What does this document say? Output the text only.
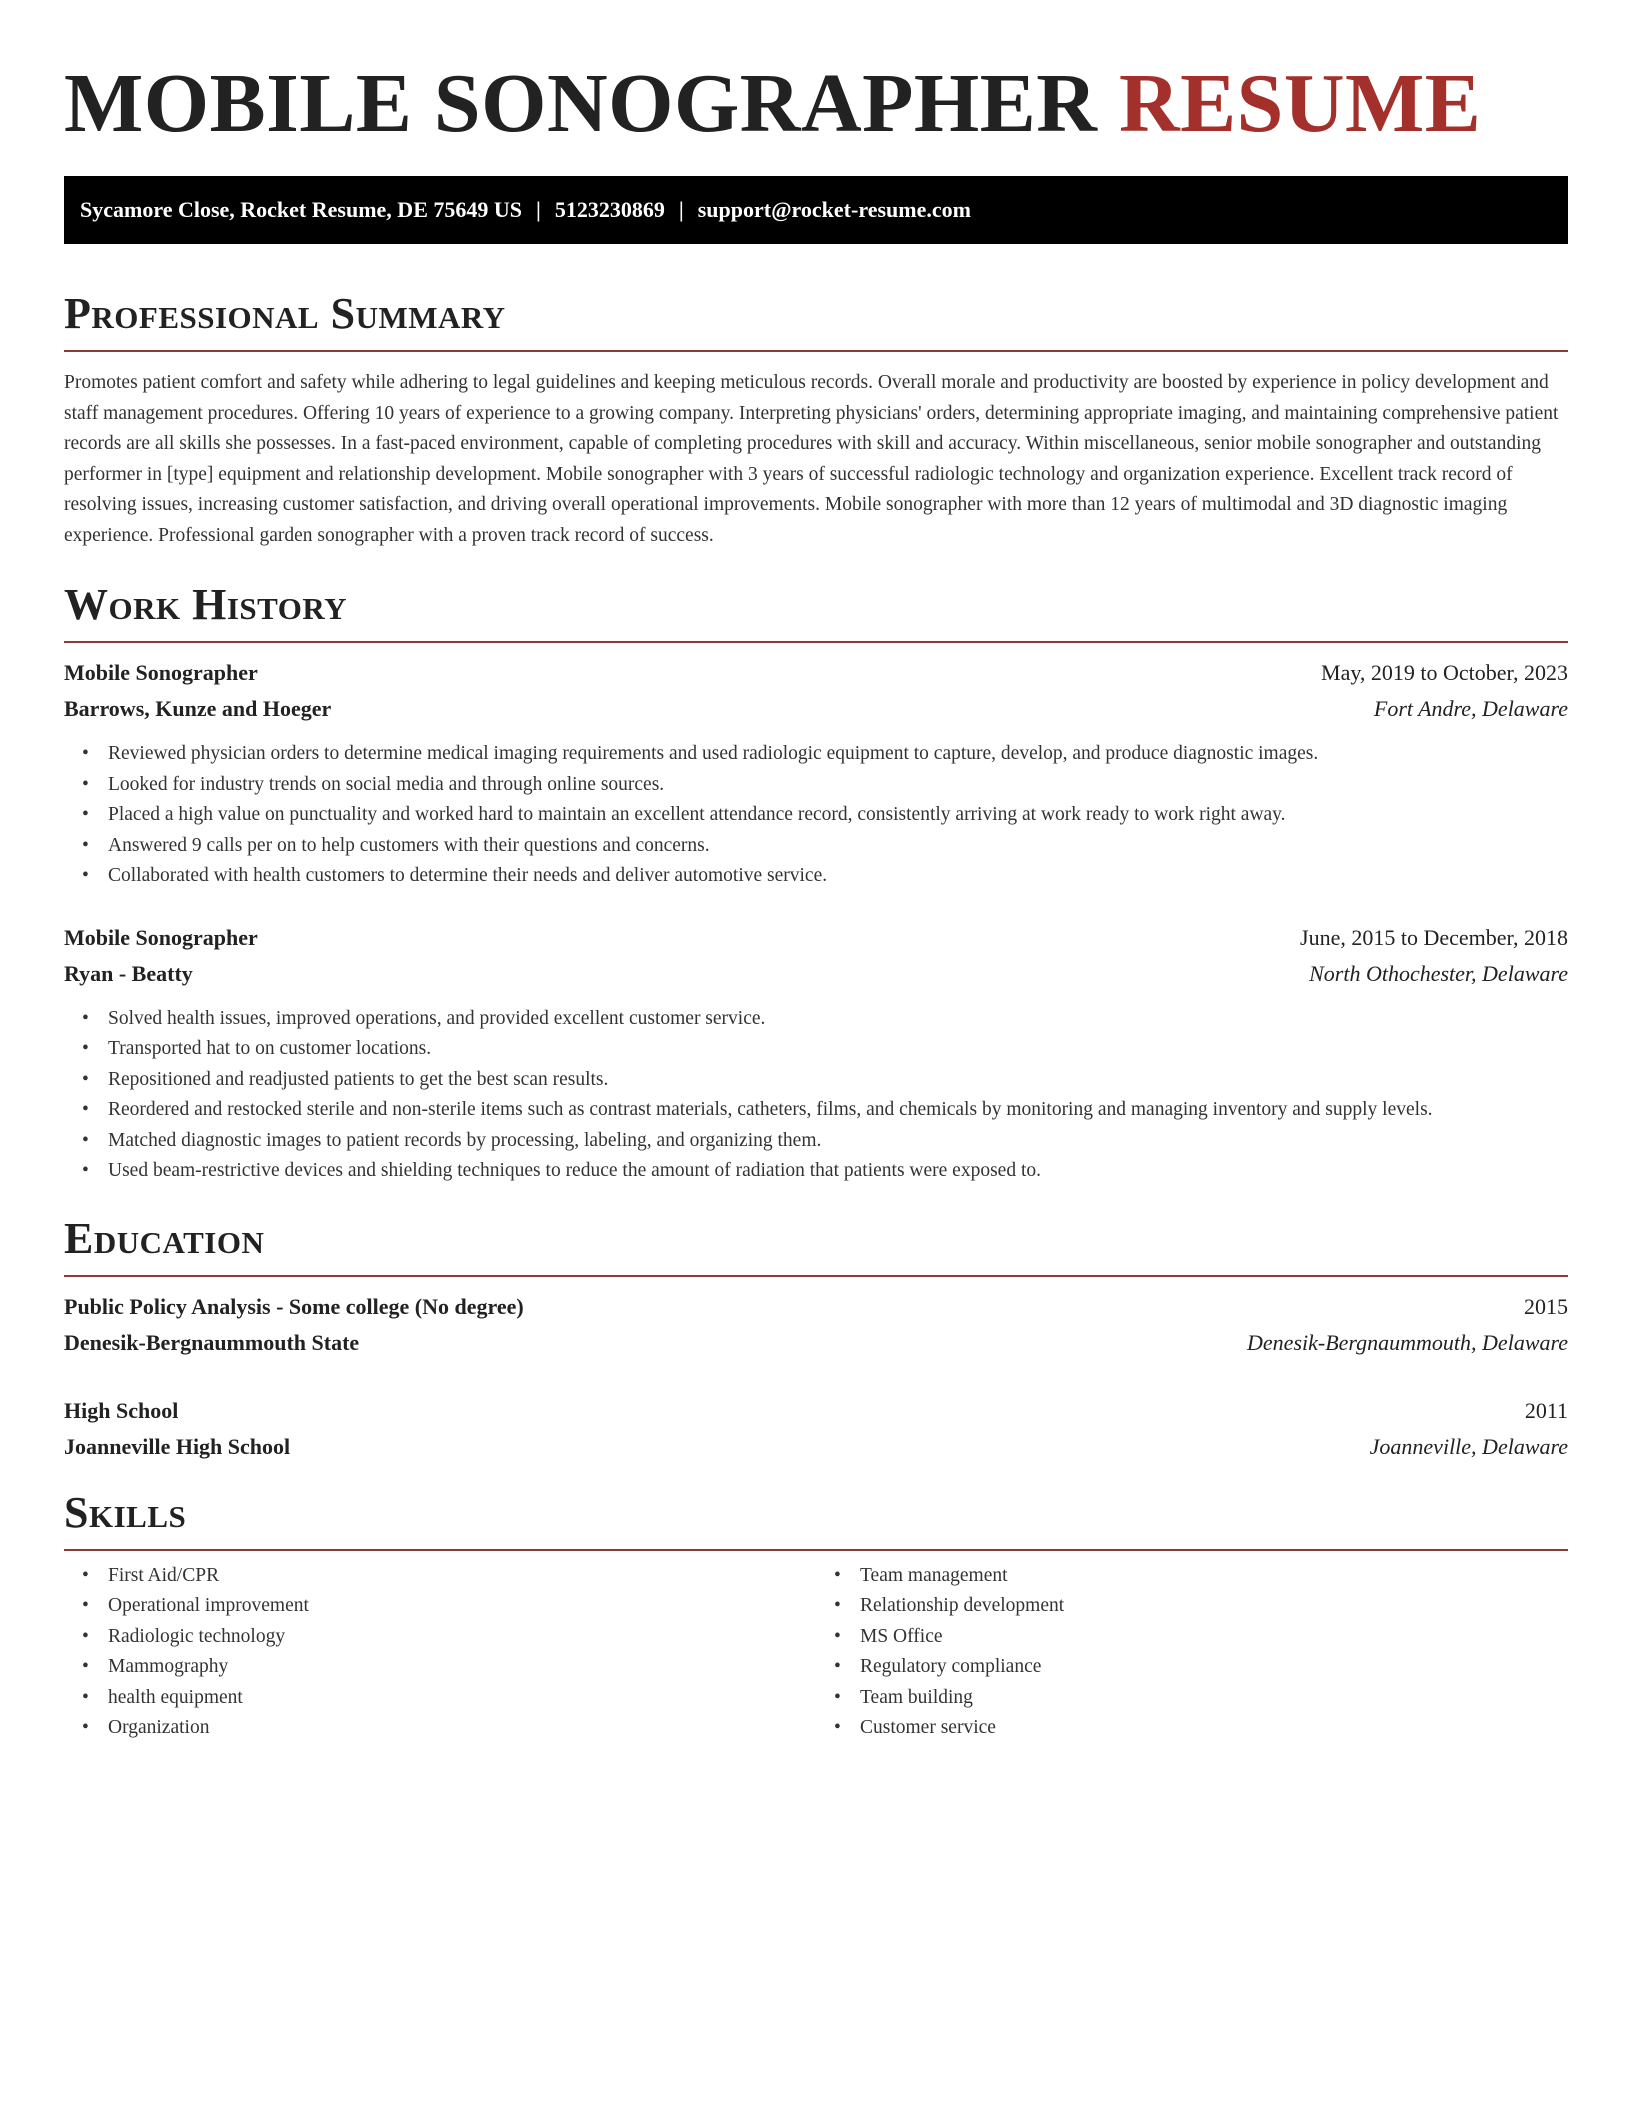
MOBILE SONOGRAPHER RESUME
Sycamore Close, Rocket Resume, DE 75649 US | 5123230869 | support@rocket-resume.com
Professional Summary

Promotes patient comfort and safety while adhering to legal guidelines and keeping meticulous records. Overall morale and productivity are boosted by experience in policy development and staff management procedures. Offering 10 years of experience to a growing company. Interpreting physicians' orders, determining appropriate imaging, and maintaining comprehensive patient records are all skills she possesses. In a fast-paced environment, capable of completing procedures with skill and accuracy. Within miscellaneous, senior mobile sonographer and outstanding performer in [type] equipment and relationship development. Mobile sonographer with 3 years of successful radiologic technology and organization experience. Excellent track record of resolving issues, increasing customer satisfaction, and driving overall operational improvements. Mobile sonographer with more than 12 years of multimodal and 3D diagnostic imaging experience. Professional garden sonographer with a proven track record of success.

Work History
Mobile Sonographer	May, 2019 to October, 2023
Barrows, Kunze and Hoeger	Fort Andre, Delaware
• Reviewed physician orders to determine medical imaging requirements and used radiologic equipment to capture, develop, and produce diagnostic images.
• Looked for industry trends on social media and through online sources.
• Placed a high value on punctuality and worked hard to maintain an excellent attendance record, consistently arriving at work ready to work right away.
• Answered 9 calls per on to help customers with their questions and concerns.
• Collaborated with health customers to determine their needs and deliver automotive service.
Mobile Sonographer	June, 2015 to December, 2018
Ryan - Beatty	North Othochester, Delaware
• Solved health issues, improved operations, and provided excellent customer service.
• Transported hat to on customer locations.
• Repositioned and readjusted patients to get the best scan results.
• Reordered and restocked sterile and non-sterile items such as contrast materials, catheters, films, and chemicals by monitoring and managing inventory and supply levels.
• Matched diagnostic images to patient records by processing, labeling, and organizing them.
• Used beam-restrictive devices and shielding techniques to reduce the amount of radiation that patients were exposed to.
Education
Public Policy Analysis - Some college (No degree)	2015
Denesik-Bergnaummouth State	Denesik-Bergnaummouth, Delaware
High School	2011
Joanneville High School	Joanneville, Delaware
Skills
• First Aid/CPR
• Operational improvement
• Radiologic technology
• Mammography
• health equipment
• Organization
• Team management
• Relationship development
• MS Office
• Regulatory compliance
• Team building
• Customer service
